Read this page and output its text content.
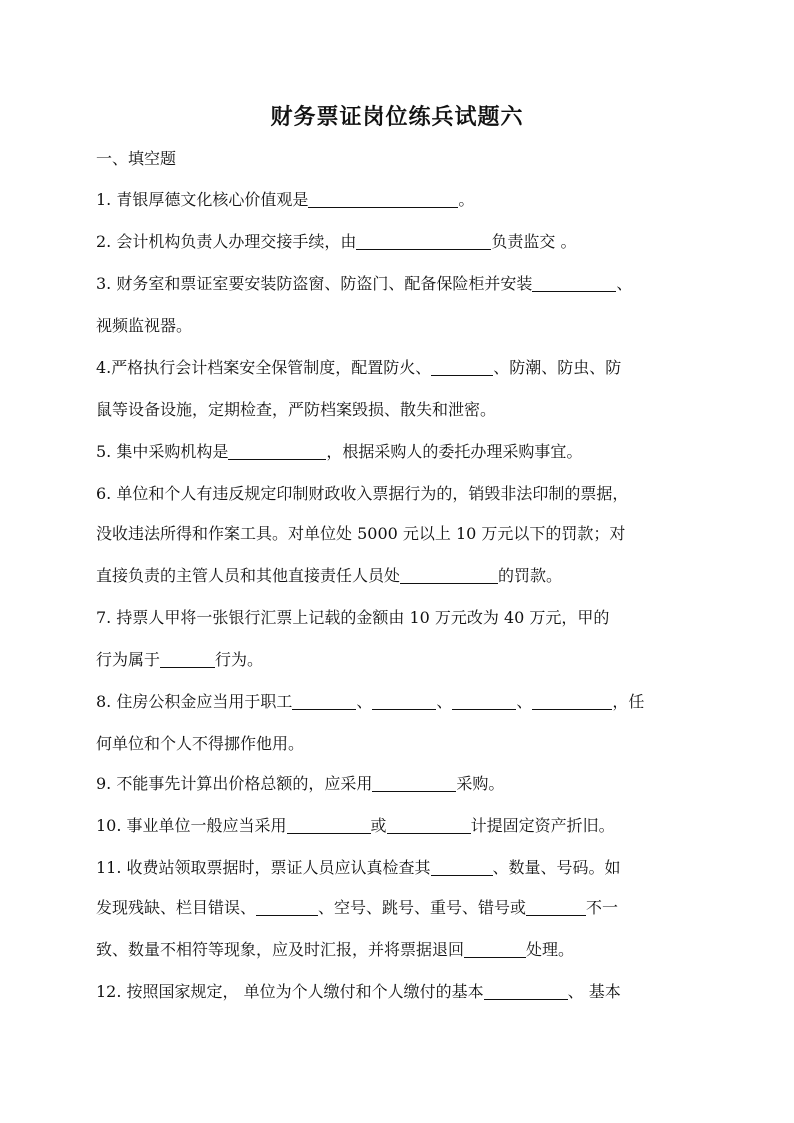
财务票证岗位练兵试题六
一、填空题
1. 青银厚德文化核心价值观是	。
2. 会计机构负责人办理交接手续，由	负责监交 。
3. 财务室和票证室要安装防盗窗、防盗门、配备保险柜并安装	、
视频监视器。
4.严格执行会计档案安全保管制度，配置防火、	、防潮、防虫、防
鼠等设备设施，定期检查，严防档案毁损、散失和泄密。
5. 集中采购机构是	，根据采购人的委托办理采购事宜。
6. 单位和个人有违反规定印制财政收入票据行为的，销毁非法印制的票据，
没收违法所得和作案工具。对单位处 5000 元以上 10 万元以下的罚款；对
直接负责的主管人员和其他直接责任人员处	的罚款。
7. 持票人甲将一张银行汇票上记载的金额由 10 万元改为 40 万元，甲的
行为属于	行为。
8. 住房公积金应当用于职工	、	、	、	，任
何单位和个人不得挪作他用。
9. 不能事先计算出价格总额的，应采用	采购。
10. 事业单位一般应当采用	或	计提固定资产折旧。
11. 收费站领取票据时，票证人员应认真检查其	、数量、号码。如
发现残缺、栏目错误、	、空号、跳号、重号、错号或	不一
致、数量不相符等现象，应及时汇报，并将票据退回	处理。
12. 按照国家规定， 单位为个人缴付和个人缴付的基本	、 基本
